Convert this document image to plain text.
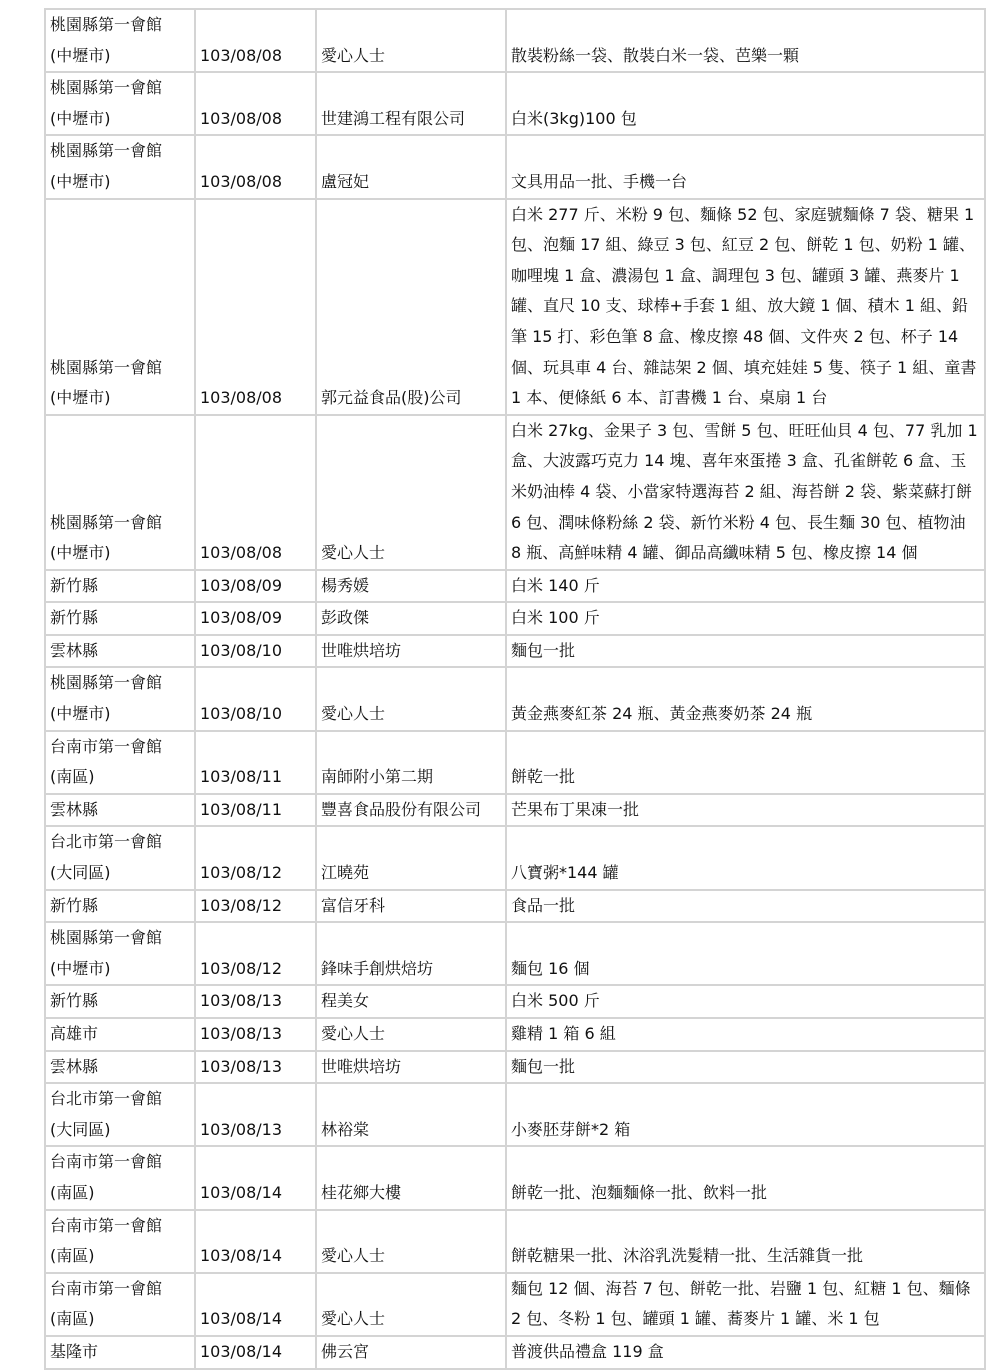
桃園縣第一會館
(中壢市)	103/08/08	愛心人士	散裝粉絲一袋、散裝白米一袋、芭樂一顆

桃園縣第一會館
(中壢市)	103/08/08	世建鴻工程有限公司	白米(3kg)100 包

桃園縣第一會館
(中壢市)	103/08/08	盧冠妃	文具用品一批、手機一台

桃園縣第一會館
(中壢市)	103/08/08	郭元益食品(股)公司	白米 277 斤、米粉 9 包、麵條 52 包、家庭號麵條 7 袋、糖果 1 包、泡麵 17 組、綠豆 3 包、紅豆 2 包、餅乾 1 包、奶粉 1 罐、咖哩塊 1 盒、濃湯包 1 盒、調理包 3 包、罐頭 3 罐、燕麥片 1 罐、直尺 10 支、球棒+手套 1 組、放大鏡 1 個、積木 1 組、鉛筆 15 打、彩色筆 8 盒、橡皮擦 48 個、文件夾 2 包、杯子 14 個、玩具車 4 台、雜誌架 2 個、填充娃娃 5 隻、筷子 1 組、童書 1 本、便條紙 6 本、訂書機 1 台、桌扇 1 台

桃園縣第一會館
(中壢市)	103/08/08	愛心人士	白米 27kg、金果子 3 包、雪餅 5 包、旺旺仙貝 4 包、77 乳加 1 盒、大波露巧克力 14 塊、喜年來蛋捲 3 盒、孔雀餅乾 6 盒、玉米奶油棒 4 袋、小當家特選海苔 2 組、海苔餅 2 袋、紫菜蘇打餅 6 包、潤味條粉絲 2 袋、新竹米粉 4 包、長生麵 30 包、植物油 8 瓶、高鮮味精 4 罐、御品高纖味精 5 包、橡皮擦 14 個

新竹縣	103/08/09	楊秀媛	白米 140 斤

新竹縣	103/08/09	彭政傑	白米 100 斤

雲林縣	103/08/10	世唯烘培坊	麵包一批

桃園縣第一會館
(中壢市)	103/08/10	愛心人士	黃金燕麥紅茶 24 瓶、黃金燕麥奶茶 24 瓶

台南市第一會館
(南區)	103/08/11	南師附小第二期	餅乾一批

雲林縣	103/08/11	豐喜食品股份有限公司	芒果布丁果凍一批

台北市第一會館
(大同區)	103/08/12	江曉苑	八寶粥*144 罐

新竹縣	103/08/12	富信牙科	食品一批

桃園縣第一會館
(中壢市)	103/08/12	鋒味手創烘焙坊	麵包 16 個

新竹縣	103/08/13	程美女	白米 500 斤

高雄市	103/08/13	愛心人士	雞精 1 箱 6 組

雲林縣	103/08/13	世唯烘培坊	麵包一批

台北市第一會館
(大同區)	103/08/13	林裕棠	小麥胚芽餅*2 箱

台南市第一會館
(南區)	103/08/14	桂花鄉大樓	餅乾一批、泡麵麵條一批、飲料一批

台南市第一會館
(南區)	103/08/14	愛心人士	餅乾糖果一批、沐浴乳洗髮精一批、生活雜貨一批

台南市第一會館
(南區)	103/08/14	愛心人士	麵包 12 個、海苔 7 包、餅乾一批、岩鹽 1 包、紅糖 1 包、麵條 2 包、冬粉 1 包、罐頭 1 罐、蕎麥片 1 罐、米 1 包

基隆市	103/08/14	佛云宮	普渡供品禮盒 119 盒
